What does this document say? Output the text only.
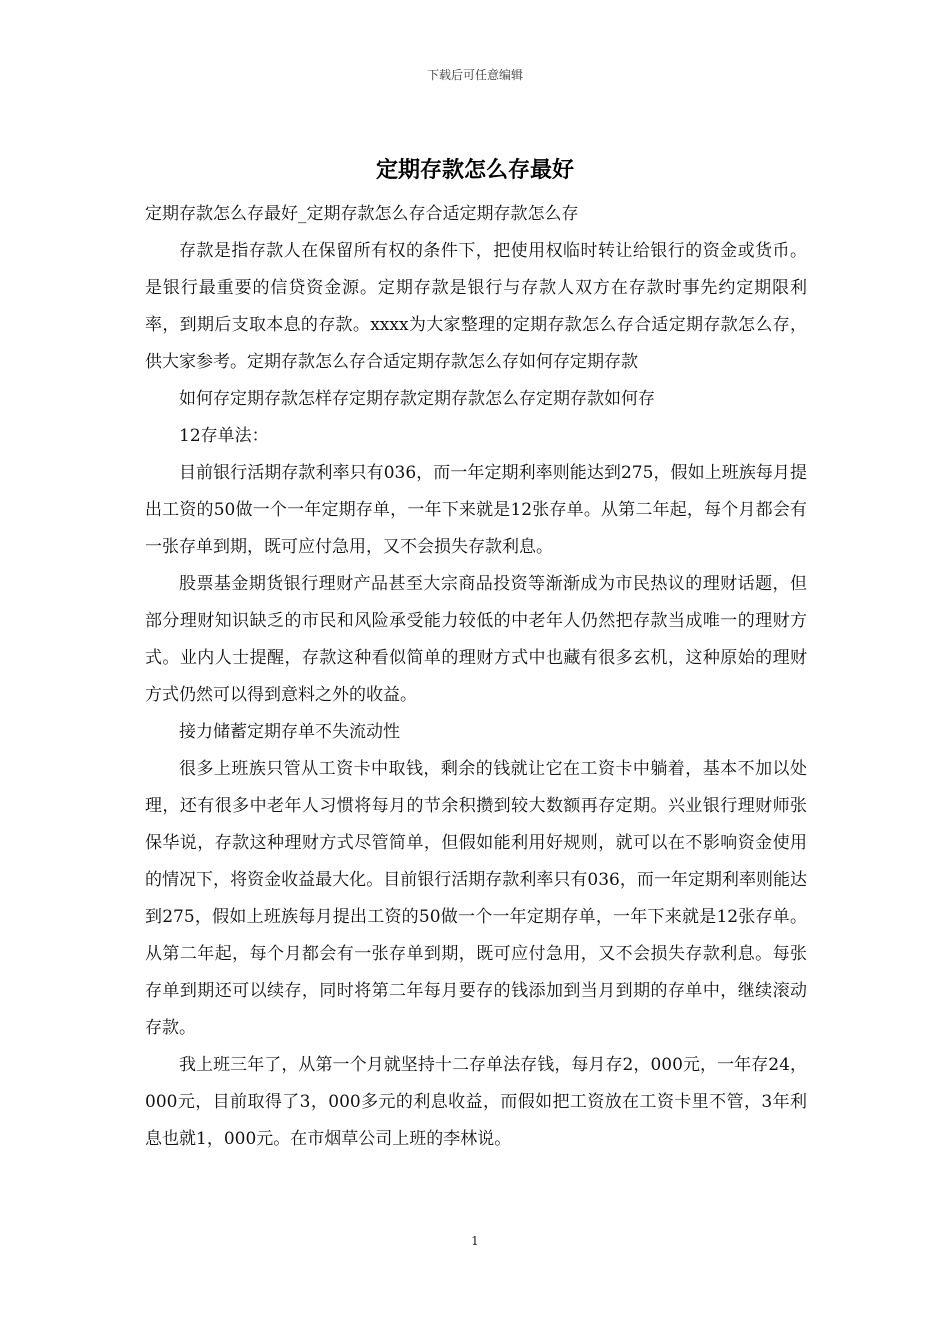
下载后可任意编辑
定期存款怎么存最好

定期存款怎么存最好_定期存款怎么存合适定期存款怎么存

存款是指存款人在保留所有权的条件下，把使用权临时转让给银行的资金或货币。是银行最重要的信贷资金源。定期存款是银行与存款人双方在存款时事先约定期限利率，到期后支取本息的存款。xxxx为大家整理的定期存款怎么存合适定期存款怎么存，供大家参考。定期存款怎么存合适定期存款怎么存如何存定期存款

如何存定期存款怎样存定期存款定期存款怎么存定期存款如何存

12存单法：

目前银行活期存款利率只有036，而一年定期利率则能达到275，假如上班族每月提出工资的50做一个一年定期存单，一年下来就是12张存单。从第二年起，每个月都会有一张存单到期，既可应付急用，又不会损失存款利息。

股票基金期货银行理财产品甚至大宗商品投资等渐渐成为市民热议的理财话题，但部分理财知识缺乏的市民和风险承受能力较低的中老年人仍然把存款当成唯一的理财方式。业内人士提醒，存款这种看似简单的理财方式中也藏有很多玄机，这种原始的理财方式仍然可以得到意料之外的收益。

接力储蓄定期存单不失流动性

很多上班族只管从工资卡中取钱，剩余的钱就让它在工资卡中躺着，基本不加以处理，还有很多中老年人习惯将每月的节余积攒到较大数额再存定期。兴业银行理财师张保华说，存款这种理财方式尽管简单，但假如能利用好规则，就可以在不影响资金使用的情况下，将资金收益最大化。目前银行活期存款利率只有036，而一年定期利率则能达到275，假如上班族每月提出工资的50做一个一年定期存单，一年下来就是12张存单。从第二年起，每个月都会有一张存单到期，既可应付急用，又不会损失存款利息。每张存单到期还可以续存，同时将第二年每月要存的钱添加到当月到期的存单中，继续滚动存款。

我上班三年了，从第一个月就坚持十二存单法存钱，每月存2，000元，一年存24，000元，目前取得了3，000多元的利息收益，而假如把工资放在工资卡里不管，3年利息也就1，000元。在市烟草公司上班的李林说。

1
